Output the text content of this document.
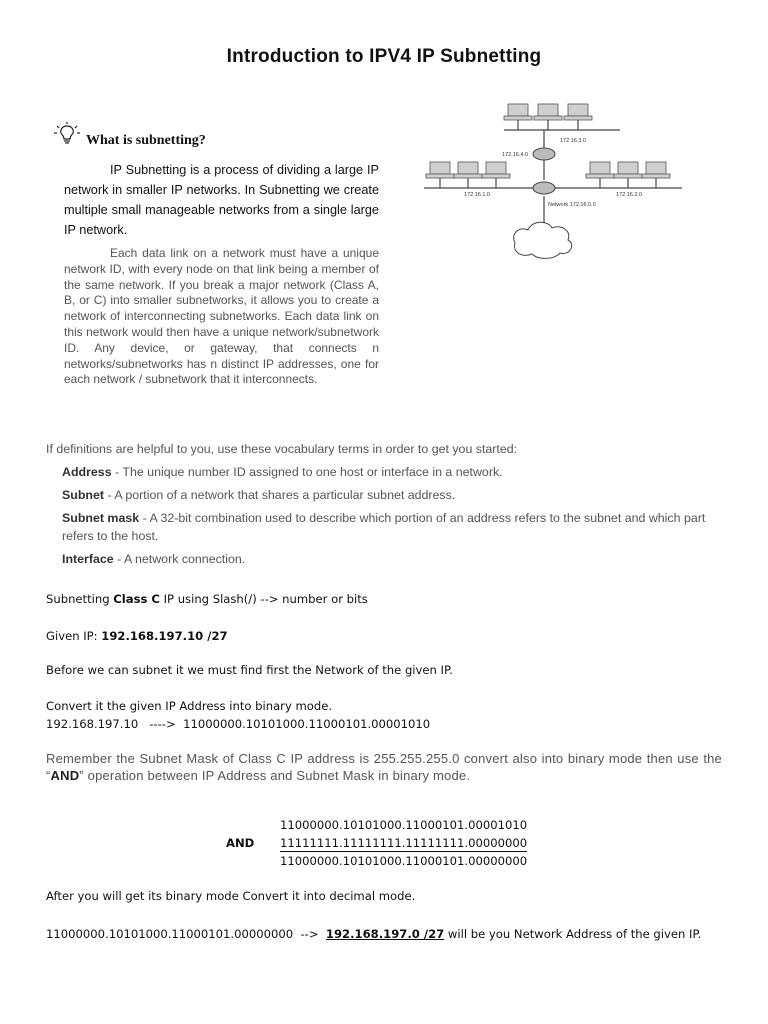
Introduction to IPV4 IP Subnetting
What is subnetting?
IP Subnetting is a process of dividing a large IP network in smaller IP networks. In Subnetting we create multiple small manageable networks from a single large IP network.
Each data link on a network must have a unique network ID, with every node on that link being a member of the same network. If you break a major network (Class A, B, or C) into smaller subnetworks, it allows you to create a network of interconnecting subnetworks. Each data link on this network would then have a unique network/subnetwork ID. Any device, or gateway, that connects n networks/subnetworks has n distinct IP addresses, one for each network / subnetwork that it interconnects.
172.16.3.0
172.16.4.0
172.16.1.0	172.16.2.0
Network 172.16.0.0
If definitions are helpful to you, use these vocabulary terms in order to get you started:
Address - The unique number ID assigned to one host or interface in a network.
Subnet - A portion of a network that shares a particular subnet address.
Subnet mask - A 32-bit combination used to describe which portion of an address refers to the subnet and which part refers to the host.
Interface - A network connection.
Subnetting Class C IP using Slash(/) --> number or bits
Given IP: 192.168.197.10 /27
Before we can subnet it we must find first the Network of the given IP.
Convert it the given IP Address into binary mode.
192.168.197.10   ---->  11000000.10101000.11000101.00001010
Remember the Subnet Mask of Class C IP address is 255.255.255.0 convert also into binary mode then use the “AND” operation between IP Address and Subnet Mask in binary mode.
11000000.10101000.11000101.00001010
AND 11111111.11111111.11111111.00000000
11000000.10101000.11000101.00000000
After you will get its binary mode Convert it into decimal mode.
11000000.10101000.11000101.00000000  -->  192.168.197.0 /27 will be you Network Address of the given IP.
